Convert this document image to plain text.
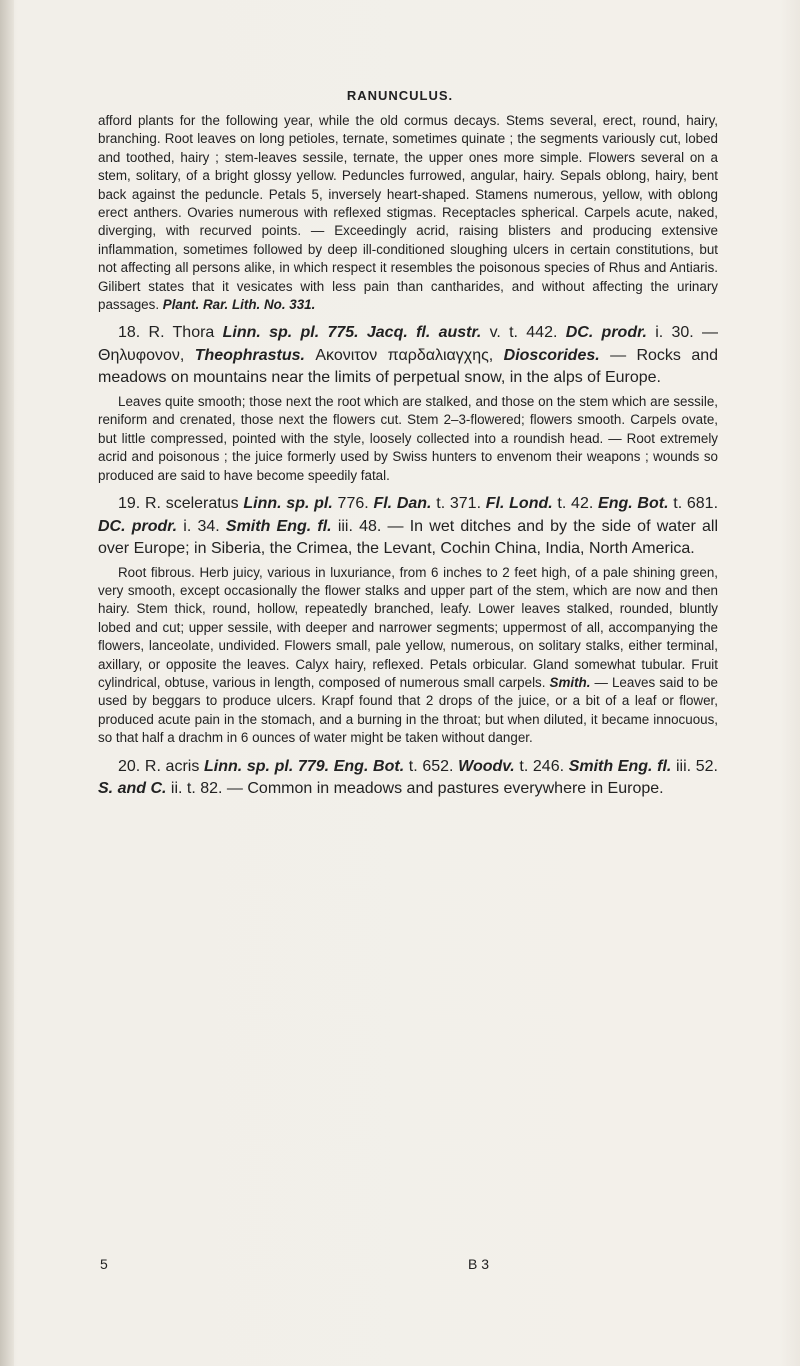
RANUNCULUS.

afford plants for the following year, while the old cormus decays. Stems several, erect, round, hairy, branching. Root leaves on long petioles, ternate, sometimes quinate ; the segments variously cut, lobed and toothed, hairy ; stem-leaves sessile, ternate, the upper ones more simple. Flowers several on a stem, solitary, of a bright glossy yellow. Peduncles furrowed, angular, hairy. Sepals oblong, hairy, bent back against the peduncle. Petals 5, inversely heart-shaped. Stamens numerous, yellow, with oblong erect anthers. Ovaries numerous with reflexed stigmas. Receptacles spherical. Carpels acute, naked, diverging, with recurved points. — Exceedingly acrid, raising blisters and producing extensive inflammation, sometimes followed by deep ill-conditioned sloughing ulcers in certain constitutions, but not affecting all persons alike, in which respect it resembles the poisonous species of Rhus and Antiaris. Gilibert states that it vesicates with less pain than cantharides, and without affecting the urinary passages. Plant. Rar. Lith. No. 331.

18. R. Thora Linn. sp. pl. 775. Jacq. fl. austr. v. t. 442. DC. prodr. i. 30. — Θηλυφονον, Theophrastus. Ακονιτον παρδαλιαγχης, Dioscorides. — Rocks and meadows on mountains near the limits of perpetual snow, in the alps of Europe.

Leaves quite smooth; those next the root which are stalked, and those on the stem which are sessile, reniform and crenated, those next the flowers cut. Stem 2–3-flowered; flowers smooth. Carpels ovate, but little compressed, pointed with the style, loosely collected into a roundish head. — Root extremely acrid and poisonous ; the juice formerly used by Swiss hunters to envenom their weapons ; wounds so produced are said to have become speedily fatal.

19. R. sceleratus Linn. sp. pl. 776. Fl. Dan. t. 371. Fl. Lond. t. 42. Eng. Bot. t. 681. DC. prodr. i. 34. Smith Eng. fl. iii. 48. — In wet ditches and by the side of water all over Europe; in Siberia, the Crimea, the Levant, Cochin China, India, North America.

Root fibrous. Herb juicy, various in luxuriance, from 6 inches to 2 feet high, of a pale shining green, very smooth, except occasionally the flower stalks and upper part of the stem, which are now and then hairy. Stem thick, round, hollow, repeatedly branched, leafy. Lower leaves stalked, rounded, bluntly lobed and cut; upper sessile, with deeper and narrower segments; uppermost of all, accompanying the flowers, lanceolate, undivided. Flowers small, pale yellow, numerous, on solitary stalks, either terminal, axillary, or opposite the leaves. Calyx hairy, reflexed. Petals orbicular. Gland somewhat tubular. Fruit cylindrical, obtuse, various in length, composed of numerous small carpels. Smith. — Leaves said to be used by beggars to produce ulcers. Krapf found that 2 drops of the juice, or a bit of a leaf or flower, produced acute pain in the stomach, and a burning in the throat; but when diluted, it became innocuous, so that half a drachm in 6 ounces of water might be taken without danger.

20. R. acris Linn. sp. pl. 779. Eng. Bot. t. 652. Woodv. t. 246. Smith Eng. fl. iii. 52. S. and C. ii. t. 82. — Common in meadows and pastures everywhere in Europe.

5	B 3
